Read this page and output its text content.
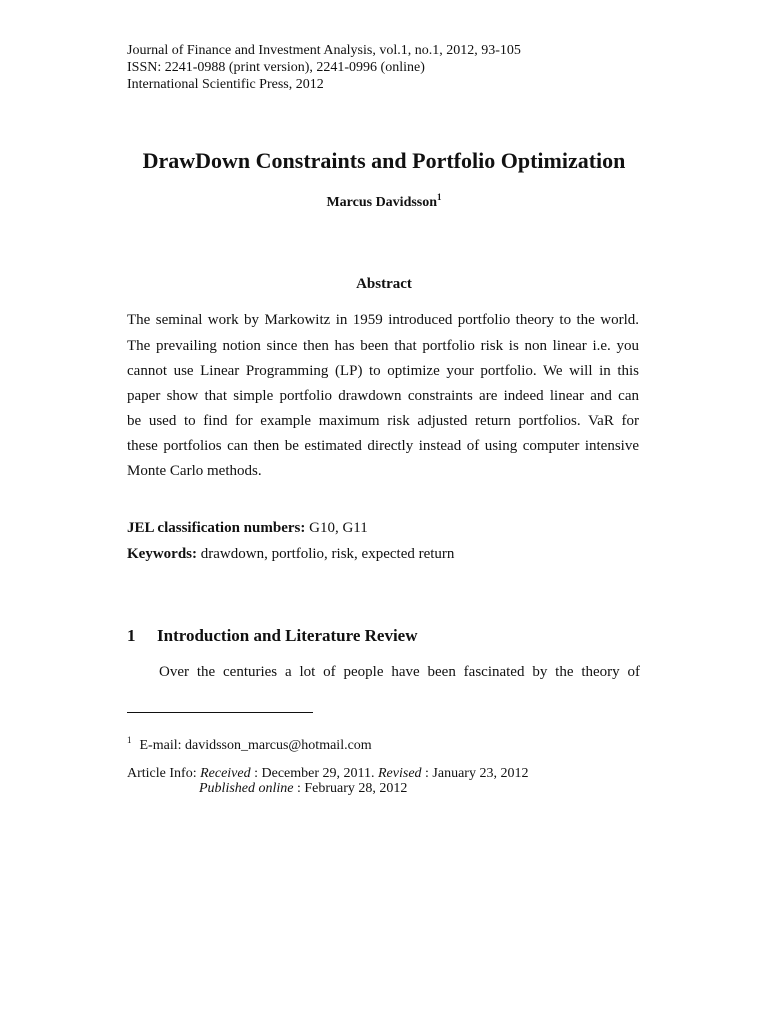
Journal of Finance and Investment Analysis, vol.1, no.1, 2012, 93-105
ISSN: 2241-0988 (print version), 2241-0996 (online)
International Scientific Press, 2012
DrawDown Constraints and Portfolio Optimization
Marcus Davidsson$^1$
Abstract
The seminal work by Markowitz in 1959 introduced portfolio theory to the world.
The prevailing notion since then has been that portfolio risk is non linear i.e. you
cannot use Linear Programming (LP) to optimize your portfolio. We will in this
paper show that simple portfolio drawdown constraints are indeed linear and can
be used to find for example maximum risk adjusted return portfolios. VaR for
these portfolios can then be estimated directly instead of using computer intensive
Monte Carlo methods.
JEL classification numbers: G10, G11
Keywords: drawdown, portfolio, risk, expected return
1 Introduction and Literature Review
Over the centuries a lot of people have been fascinated by the theory of
$^1$ E-mail: davidsson_marcus@hotmail.com
Article Info: Received : December 29, 2011. Revised : January 23, 2012
Published online : February 28, 2012
